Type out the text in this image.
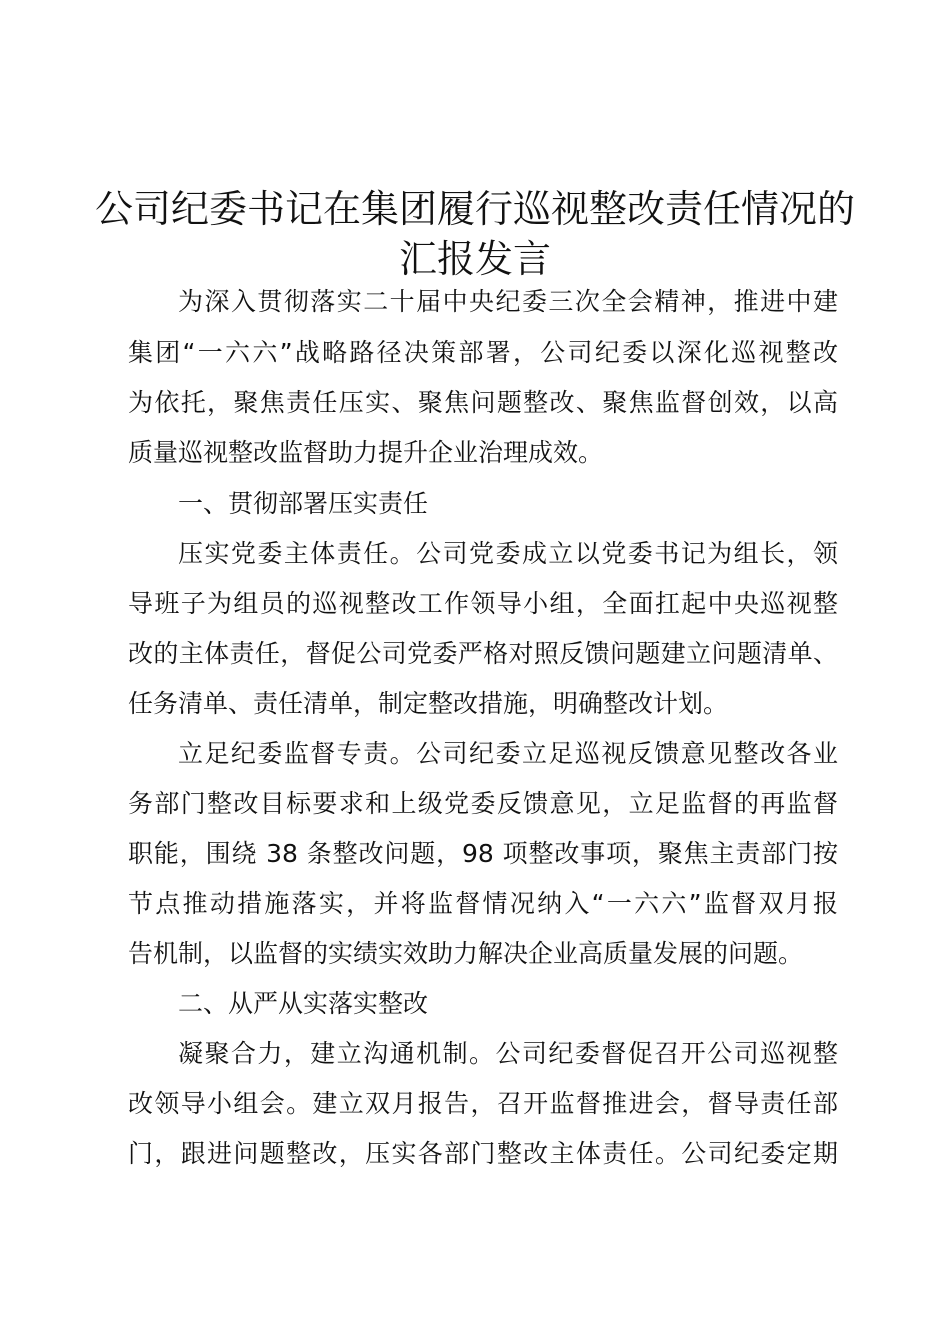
公司纪委书记在集团履行巡视整改责任情况的
汇报发言

为深入贯彻落实二十届中央纪委三次全会精神，推进中建

集团“一六六”战略路径决策部署，公司纪委以深化巡视整改

为依托，聚焦责任压实、聚焦问题整改、聚焦监督创效，以高

质量巡视整改监督助力提升企业治理成效。

一、贯彻部署压实责任

压实党委主体责任。公司党委成立以党委书记为组长，领

导班子为组员的巡视整改工作领导小组，全面扛起中央巡视整

改的主体责任，督促公司党委严格对照反馈问题建立问题清单、

任务清单、责任清单，制定整改措施，明确整改计划。

立足纪委监督专责。公司纪委立足巡视反馈意见整改各业

务部门整改目标要求和上级党委反馈意见，立足监督的再监督

职能，围绕 38 条整改问题，98 项整改事项，聚焦主责部门按

节点推动措施落实，并将监督情况纳入“一六六”监督双月报

告机制，以监督的实绩实效助力解决企业高质量发展的问题。

二、从严从实落实整改

凝聚合力，建立沟通机制。公司纪委督促召开公司巡视整

改领导小组会。建立双月报告，召开监督推进会，督导责任部

门，跟进问题整改，压实各部门整改主体责任。公司纪委定期
